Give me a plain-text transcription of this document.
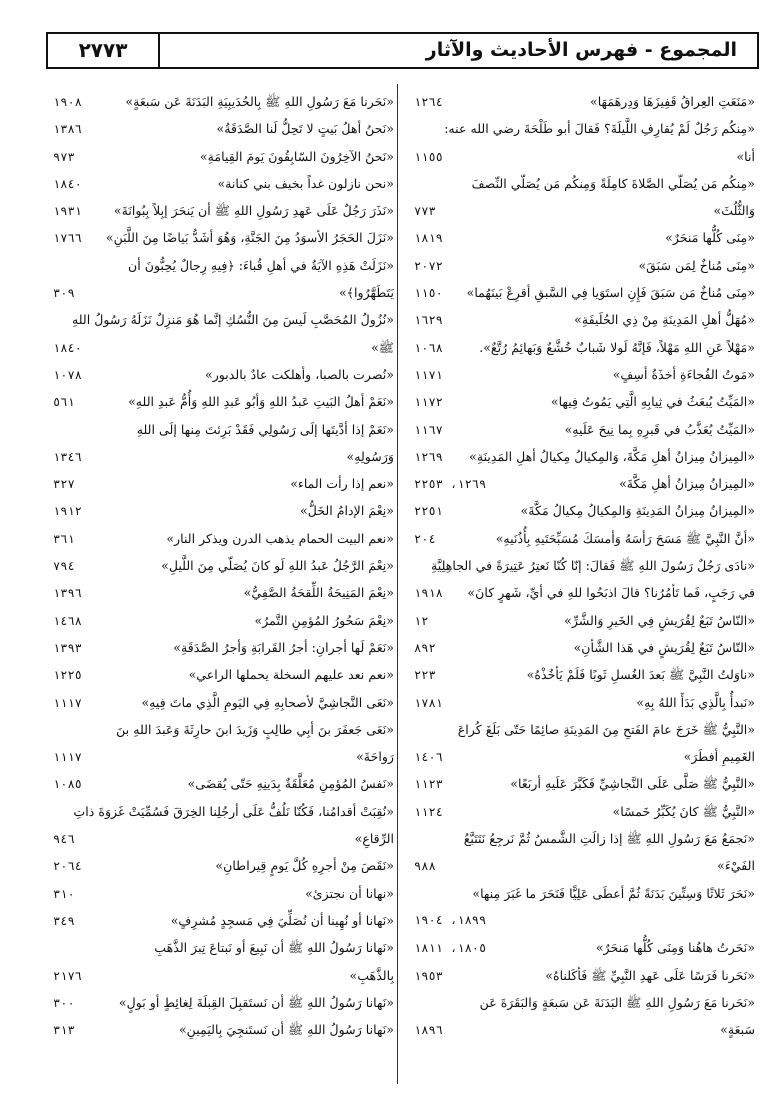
٢٧٧٣	المجموع - فهرس الأحاديث والآثار
«مَنَعَتِ العِراقُ قَفِيزَهَا وَدِرهَمَهَا»
١٢٦٤
«مِنكُم رَجُلٌ لَمْ يُقارِفِ اللَّيلَةَ؟ فَقالَ أبو طَلْحَةَ رضي الله عنه:
أنا»
١١٥٥
«مِنكُم مَن يُصَلّي الصَّلاةَ كامِلَةً وَمِنكُم مَن يُصَلّي النِّصفَ
وَالثُّلُثَ»
٧٧٣
«مِنَى كُلُّها مَنحَرٌ»
١٨١٩
«مِنَى مُناخٌ لِمَن سَبَقَ»
٢٠٧٢
«مِنَى مُناخٌ مَن سَبَقَ فَإِنِ استَوَيا فِي السَّبقِ أقرِعْ بَينَهُما»
١١٥٠
«مُهَلُّ أهلِ المَدِينَةِ مِنْ ذِي الحُلَيفَةِ»
١٦٢٩
«مَهْلاً عَنِ اللهِ مَهْلاً، فَإنَّهُ لَولا شَبابٌ خُشَّعٌ وَبَهائِمُ رُتَّعٌ».
١٠٦٨
«مَوتُ الفُجاءَةِ أخذَةُ أسِفٍ»
١١٧١
«المَيِّتُ يُبعَثُ في ثِيابِهِ الَّتِي يَمُوتُ فِيها»
١١٧٢
«المَيِّتُ يُعَذَّبُ في قَبرِهِ بِما نِيحَ عَلَيهِ»
١١٦٧
«المِيزانُ مِيزانُ أهلِ مَكَّةَ، وَالمِكيالُ مِكيالُ أهلِ المَدِينَةِ»
١٢٦٩
«المِيزانُ مِيزانُ أهلِ مَكَّةَ»
١٢٦٩، ٢٢٥٣
«المِيزانُ مِيزانُ المَدِينَةِ وَالمِكيالُ مِكيالُ مَكَّةَ»
٢٢٥١
«أنَّ النَّبِيَّ ﷺ مَسَحَ رَأسَهُ وَأمسَكَ مُسَبِّحَتَيهِ بِأُذُنَيهِ»
٢٠٤
«نادَى رَجُلٌ رَسُولَ اللهِ ﷺ فَقالَ: إنّا كُنّا نَعتِرُ عَتِيرَةً في الجاهِلِيَّةِ
في رَجَبٍ، فَما تَأمُرُنا؟ قالَ اذبَحُوا للهِ في أيِّ، شَهرٍ كانَ»
١٩١٨
«النّاسُ تَبَعٌ لِقُرَيشٍ فِي الخَيرِ وَالشَّرِّ»
١٢
«النّاسُ تَبَعٌ لِقُرَيشٍ في هَذا الشَّأنِ»
٨٩٢
«ناوَلتُ النَّبِيَّ ﷺ بَعدَ الغُسلِ ثَوبًا فَلَمْ يَأخُذْهُ»
٢٢٣
«نَبدأُ بِالَّذِي بَدَأَ اللهُ بِهِ»
١٧٨١
«النَّبِيُّ ﷺ خَرَجَ عامَ الفَتحِ مِنَ المَدِينَةِ صائِمًا حَتّى بَلَغَ كُراعَ
الغَمِيمِ أفطَرَ»
١٤٠٦
«النَّبِيُّ ﷺ صَلَّى عَلَى النَّجاشِيِّ فَكَبَّرَ عَلَيهِ أربَعًا»
١١٢٣
«النَّبِيُّ ﷺ كانَ يُكَبِّرُ خَمسًا»
١١٢٤
«نَجمَعُ مَعَ رَسُولِ اللهِ ﷺ إذا زالَتِ الشَّمسُ ثُمَّ نَرجِعُ نَتَتَبَّعُ
الفَيْءَ»
٩٨٨
«نَحَرَ ثَلاثًا وَسِتِّينَ بَدَنَةً ثُمَّ أعطَى عَلِيًّا فَنَحَرَ ما غَبَرَ مِنها»
١٨٩٩، ١٩٠٤
«نَحَرتُ هاهُنا وَمِنَى كُلُّها مَنحَرٌ»
١٨٠٥، ١٨١١
«نَحَرنا فَرَسًا عَلَى عَهدِ النَّبِيِّ ﷺ فَأكَلناهُ»
١٩٥٣
«نَحَرنا مَعَ رَسُولِ اللهِ ﷺ البَدَنَةَ عَن سَبعَةٍ وَالبَقَرَةَ عَن
سَبعَةٍ»
١٨٩٦
«نَحَرنا مَعَ رَسُولِ اللهِ ﷺ بِالحُدَيبِيَةِ البَدَنَةَ عَن سَبعَةٍ»
١٩٠٨
«نَحنُ أهلُ بَيتٍ لا تَحِلُّ لَنا الصَّدَقَةُ»
١٣٨٦
«نَحنُ الآخِرُونَ السّابِقُونَ يَومَ القِيامَةِ»
٩٧٣
«نحن نازلون غداً بخيف بني كنانة»
١٨٤٠
«نَذَرَ رَجُلٌ عَلَى عَهدِ رَسُولِ اللهِ ﷺ أن يَنحَرَ إبِلاً بِبُوانَةَ»
١٩٣١
«نَزَلَ الحَجَرُ الأسوَدُ مِنَ الجَنَّةِ، وَهُوَ أشَدُّ بَياضًا مِنَ اللَّبَنِ»
١٧٦٦
«نَزَلَتْ هَذِهِ الآيَةُ في أهلِ قُباءَ: ﴿فِيهِ رِجالٌ يُحِبُّونَ أن
يَتَطَهَّرُوا﴾»
٣٠٩
«نُزُولُ المُحَصَّبِ لَيسَ مِنَ النُّسُكِ إنَّما هُوَ مَنزِلٌ نَزَلَهُ رَسُولُ اللهِ
ﷺ»
١٨٤٠
«نُصرت بالصبا، وأهلكت عادٌ بالدبور»
١٠٧٨
«نَعَمْ أهلُ البَيتِ عَبدُ اللهِ وَأبُو عَبدِ اللهِ وَأُمُّ عَبدِ اللهِ»
٥٦١
«نَعَمْ إذا أدَّيتَها إلَى رَسُولِي فَقَدْ بَرِئتَ مِنها إلَى اللهِ
وَرَسُولِهِ»
١٣٤٦
«نعم إذا رأت الماء»
٣٢٧
«نِعْمَ الإدامُ الخَلُّ»
١٩١٢
«نعم البيت الحمام يذهب الدرن ويذكر النار»
٣٦١
«نِعْمَ الرَّجُلُ عَبدُ اللهِ لَو كانَ يُصَلّي مِنَ اللَّيلِ»
٧٩٤
«نِعْمَ المَنِيحَةُ اللِّقحَةُ الصَّفِيُّ»
١٣٩٦
«نِعْمَ سَحُورُ المُؤمِنِ التَّمرُ»
١٤٦٨
«نَعَمْ لَها أجرانِ: أجرُ القَرابَةِ وَأجرُ الصَّدَقَةِ»
١٣٩٣
«نعم نعد عليهم السخلة يحملها الراعي»
١٢٢٥
«نَعَى النَّجاشِيَّ لأصحابِهِ فِي اليَومِ الَّذِي ماتَ فِيهِ»
١١١٧
«نَعَى جَعفَرَ بنَ أبِي طالِبٍ وَزَيدَ ابنَ حارِثَةَ وَعَبدَ اللهِ بنَ
رَواحَةَ»
١١١٧
«نَفسُ المُؤمِنِ مُعَلَّقَةٌ بِدَينِهِ حَتّى يُقضَى»
١٠٨٥
«نُقِبَتْ أقدامُنا، فَكُنّا نَلُفُّ عَلَى أرجُلِنا الخِرَقَ فَسُمِّيَتْ غَزوَةَ ذاتِ
الرِّقاعِ»
٩٤٦
«نَقَصَ مِنْ أجرِهِ كُلَّ يَومٍ قِيراطانِ»
٢٠٦٤
«نهانا أن نجتزئ»
٣١٠
«نَهانا أو نُهِينا أن نُصَلِّيَ فِي مَسجِدٍ مُشرِفٍ»
٣٤٩
«نَهانا رَسُولُ اللهِ ﷺ أن نَبِيعَ أو نَبتاعَ تِبرَ الذَّهَبِ
بِالذَّهَبِ»
٢١٧٦
«نَهانا رَسُولُ اللهِ ﷺ أن نَستَقبِلَ القِبلَةَ لِغائِطٍ أو بَولٍ»
٣٠٠
«نَهانا رَسُولُ اللهِ ﷺ أن نَستَنجِيَ بِاليَمِينِ»
٣١٣
